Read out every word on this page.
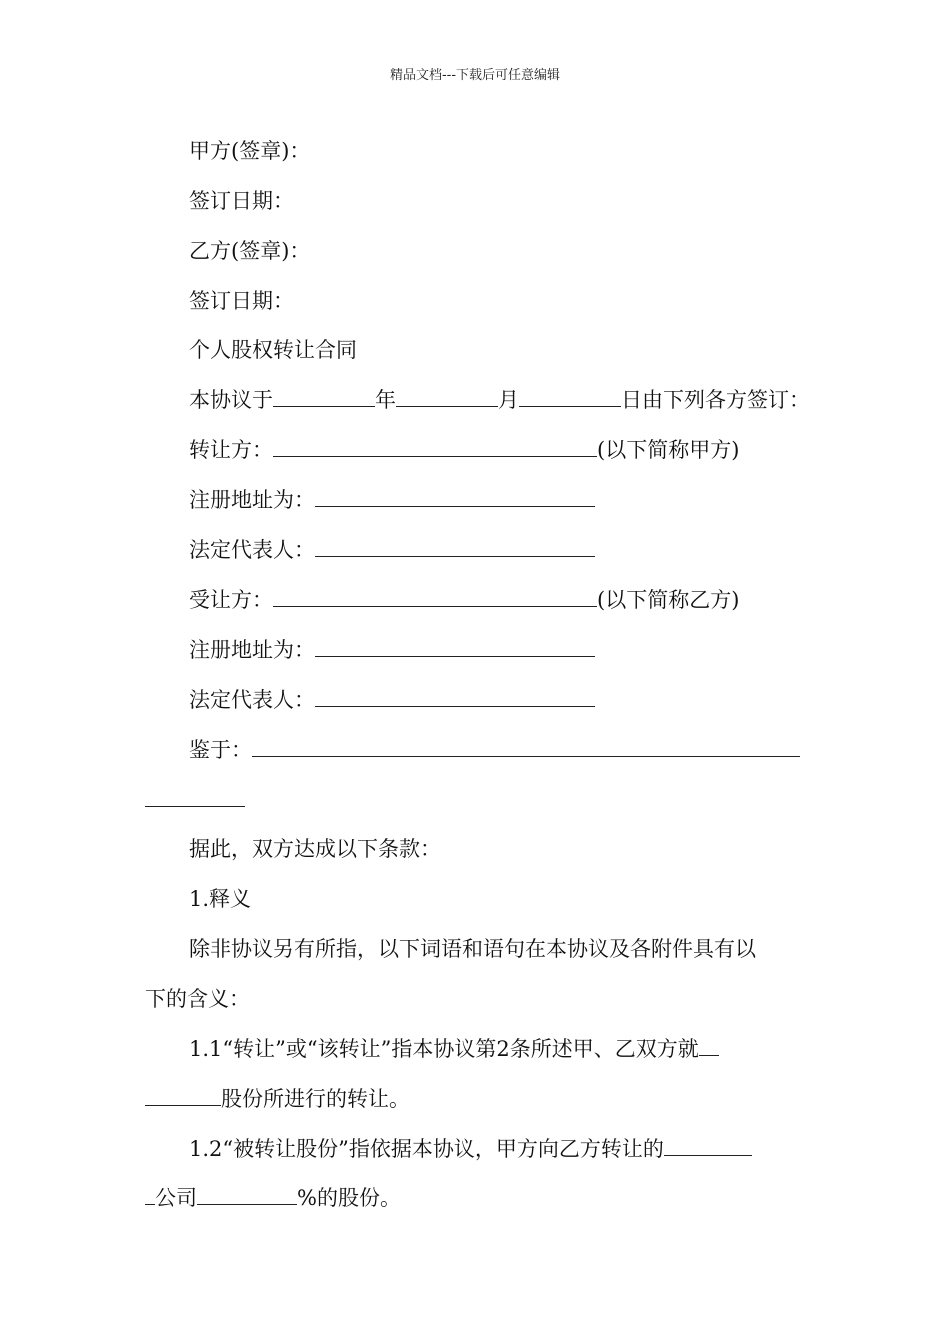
精品文档---下载后可任意编辑
甲方(签章)：
签订日期：
乙方(签章)：
签订日期：
个人股权转让合同
本协议于	年	月	日由下列各方签订：
转让方：	(以下简称甲方)
注册地址为：
法定代表人：
受让方：	(以下简称乙方)
注册地址为：
法定代表人：
鉴于：
据此，双方达成以下条款：
1.释义
除非协议另有所指，以下词语和语句在本协议及各附件具有以
下的含义：
1.1“转让”或“该转让”指本协议第2条所述甲、乙双方就
股份所进行的转让。
1.2“被转让股份”指依据本协议，甲方向乙方转让的
公司	%的股份。
